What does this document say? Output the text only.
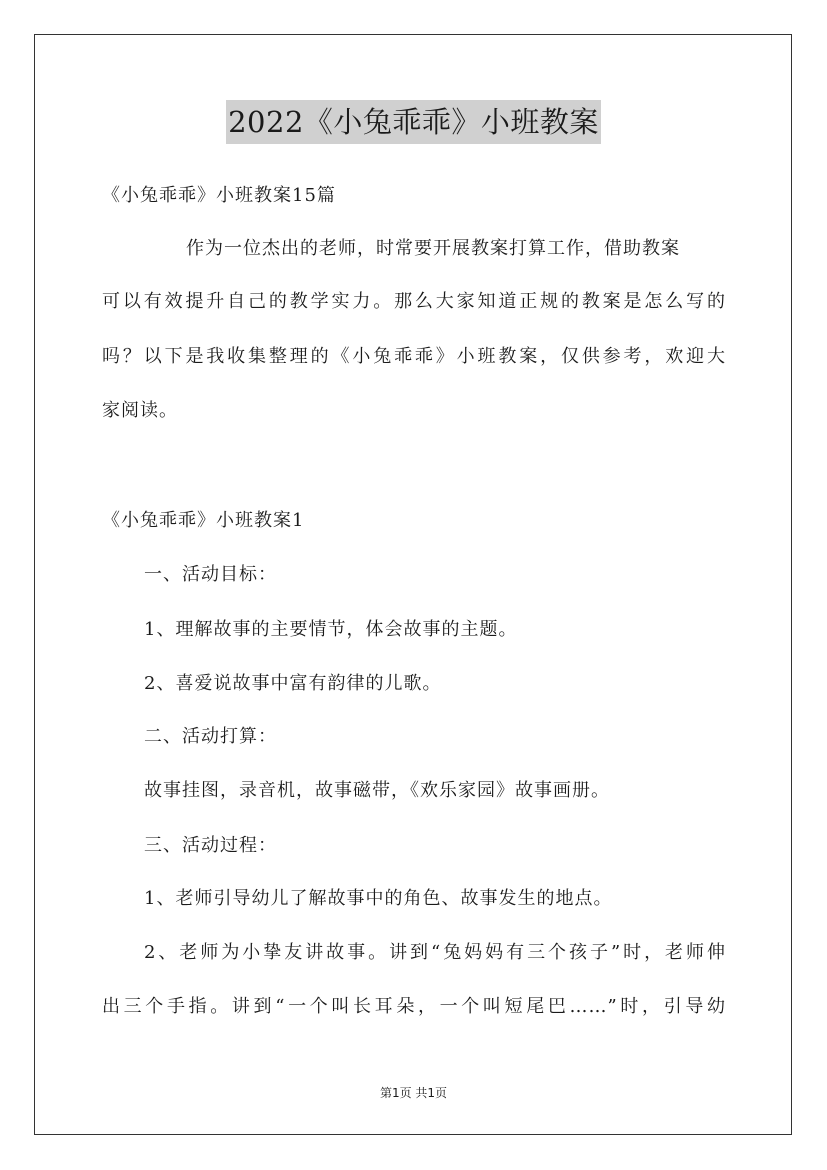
2022《小兔乖乖》小班教案
《小兔乖乖》小班教案15篇
作为一位杰出的老师，时常要开展教案打算工作，借助教案
可以有效提升自己的教学实力。那么大家知道正规的教案是怎么写的
吗？以下是我收集整理的《小兔乖乖》小班教案，仅供参考，欢迎大
家阅读。
《小兔乖乖》小班教案1
一、活动目标：
1、理解故事的主要情节，体会故事的主题。
2、喜爱说故事中富有韵律的儿歌。
二、活动打算：
故事挂图，录音机，故事磁带，《欢乐家园》故事画册。
三、活动过程：
1、老师引导幼儿了解故事中的角色、故事发生的地点。
2、老师为小挚友讲故事。讲到“兔妈妈有三个孩子”时，老师伸
出三个手指。讲到“一个叫长耳朵，一个叫短尾巴……”时，引导幼
第1页 共1页
